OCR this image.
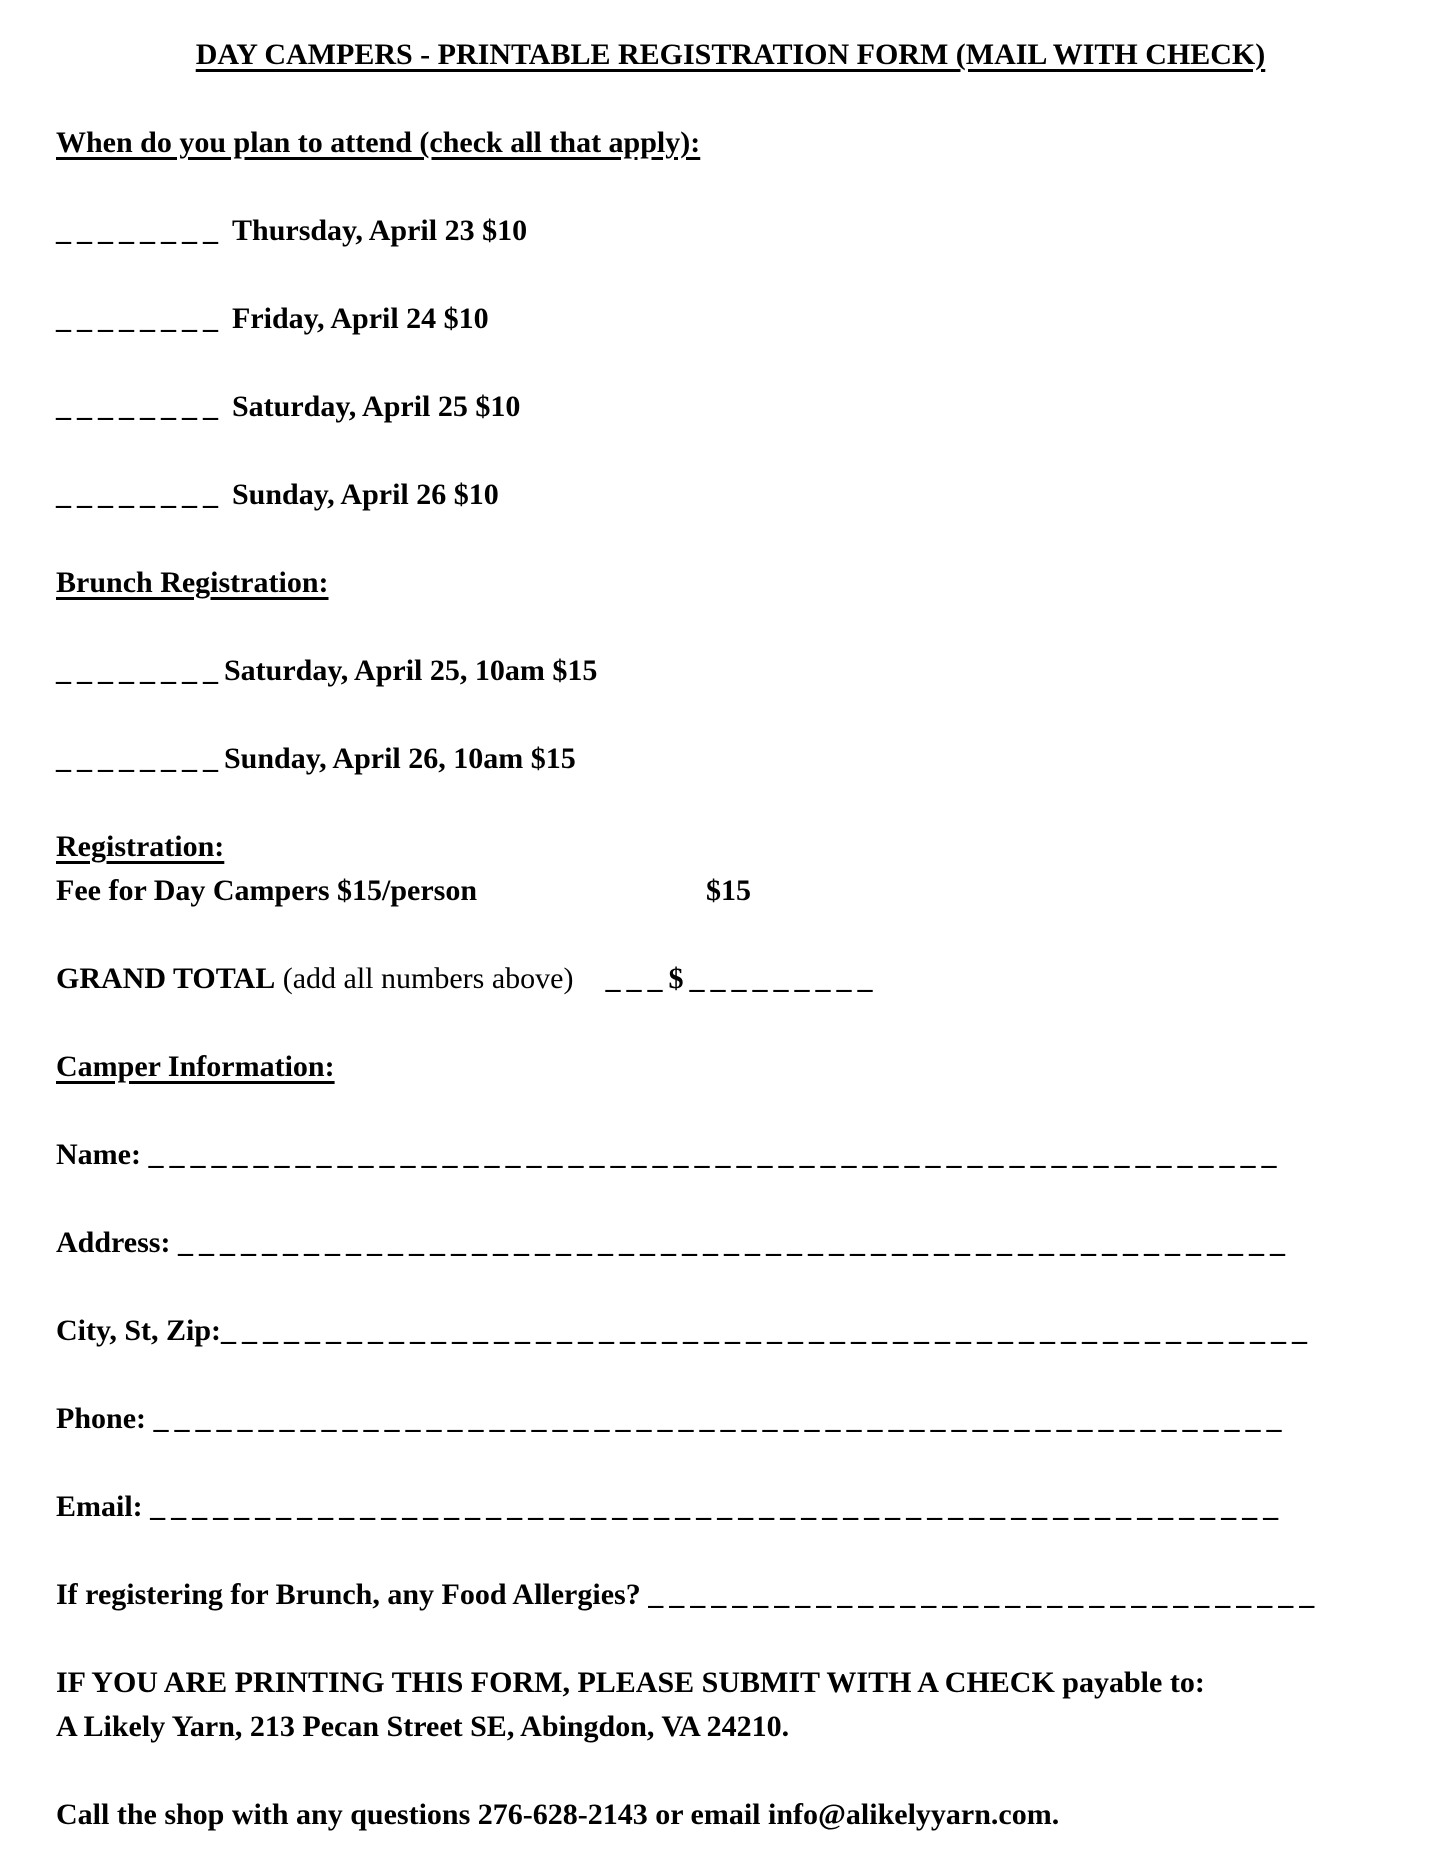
DAY CAMPERS - PRINTABLE REGISTRATION FORM (MAIL WITH CHECK)

When do you plan to attend (check all that apply):

________ Thursday, April 23 $10

________ Friday, April 24 $10

________ Saturday, April 25 $10

________ Sunday, April 26 $10

Brunch Registration:

________Saturday, April 25, 10am $15

________Sunday, April 26, 10am $15

Registration:
Fee for Day Campers $15/person	$15

GRAND TOTAL (add all numbers above) ___$_________

Camper Information:

Name: ______________________________________________________

Address: _____________________________________________________

City, St, Zip:____________________________________________________

Phone: ______________________________________________________

Email: ______________________________________________________

If registering for Brunch, any Food Allergies? ________________________________

IF YOU ARE PRINTING THIS FORM, PLEASE SUBMIT WITH A CHECK payable to:
A Likely Yarn, 213 Pecan Street SE, Abingdon, VA 24210.

Call the shop with any questions 276-628-2143 or email info@alikelyyarn.com.
